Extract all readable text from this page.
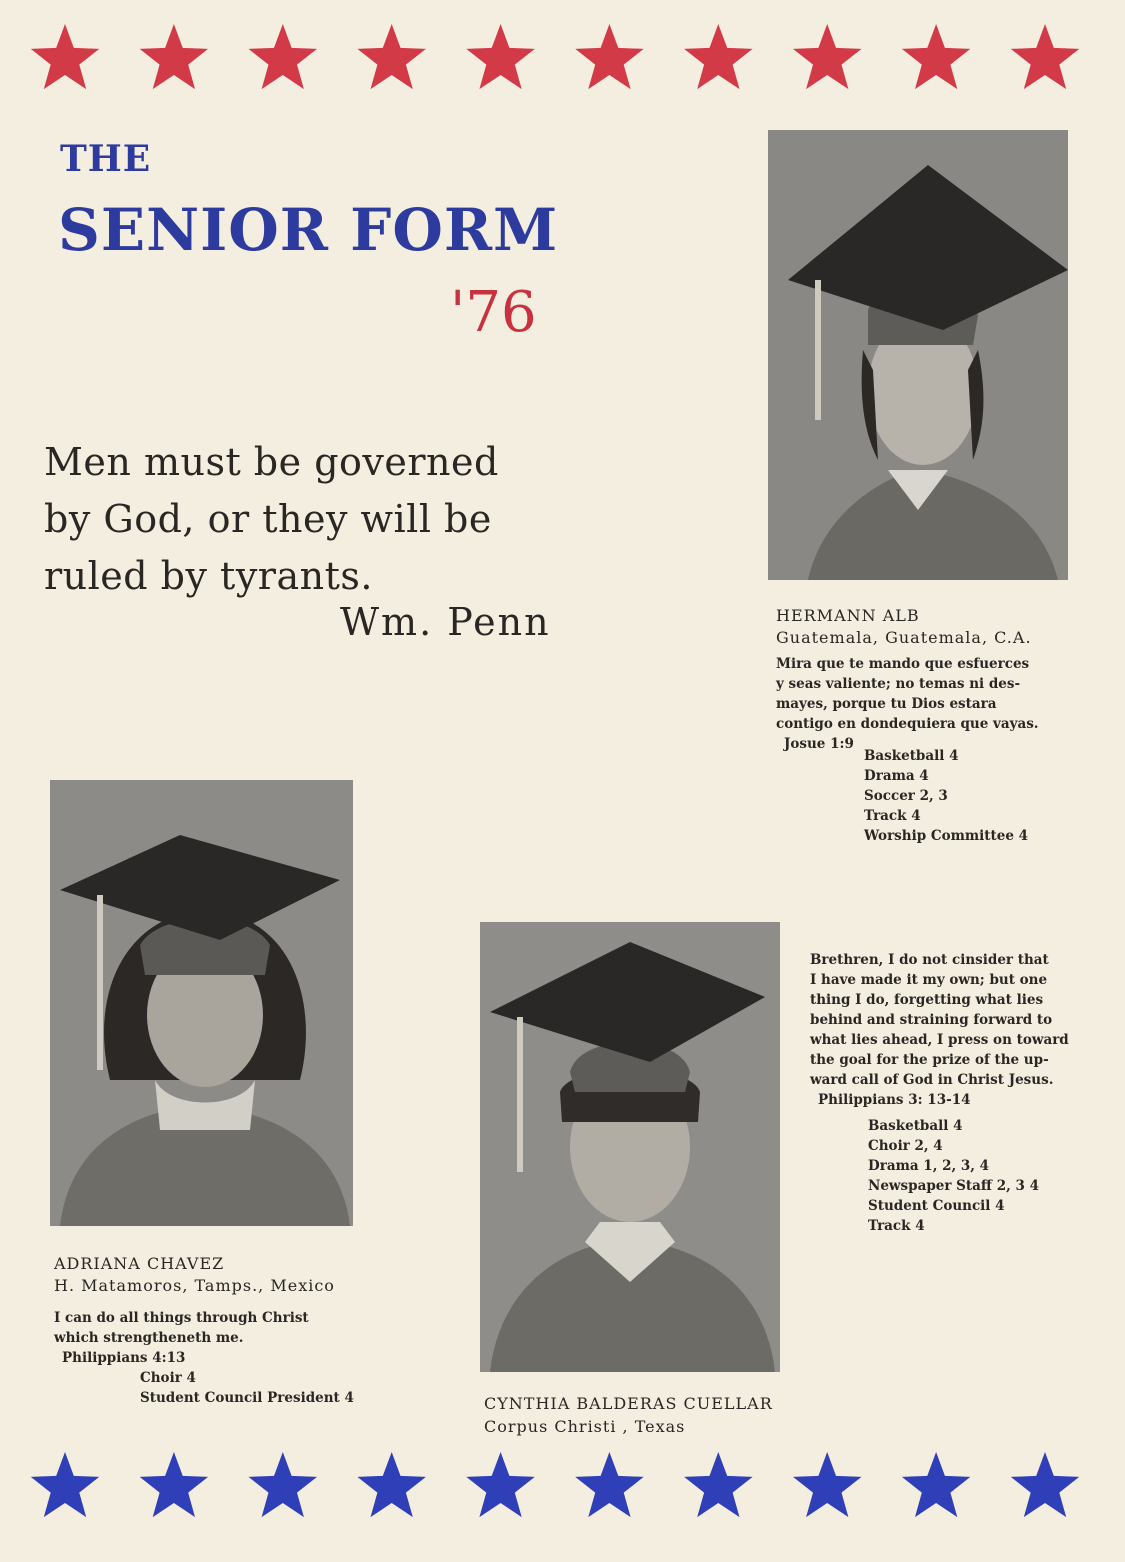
THE
SENIOR FORM
'76
Men must be governed
by God, or they will be
ruled by tyrants.
Wm. Penn	HERMANN ALB
Guatemala, Guatemala, C.A.
Mira que te mando que esfuerces
y seas valiente; no temas ni des-
mayes, porque tu Dios estara
contigo en dondequiera que vayas.
Josue 1:9
Basketball 4
Drama 4
Soccer 2, 3
Track 4
Worship Committee 4
ADRIANA CHAVEZ
H. Matamoros, Tamps., Mexico
I can do all things through Christ
which strengtheneth me.
Philippians 4:13
Choir 4
Student Council President 4	CYNTHIA BALDERAS CUELLAR
Corpus Christi , Texas
Brethren, I do not cinsider that
I have made it my own; but one
thing I do, forgetting what lies
behind and straining forward to
what lies ahead, I press on toward
the goal for the prize of the up-
ward call of God in Christ Jesus.
Philippians 3: 13-14
Basketball 4
Choir 2, 4
Drama 1, 2, 3, 4
Newspaper Staff 2, 3 4
Student Council 4
Track 4
